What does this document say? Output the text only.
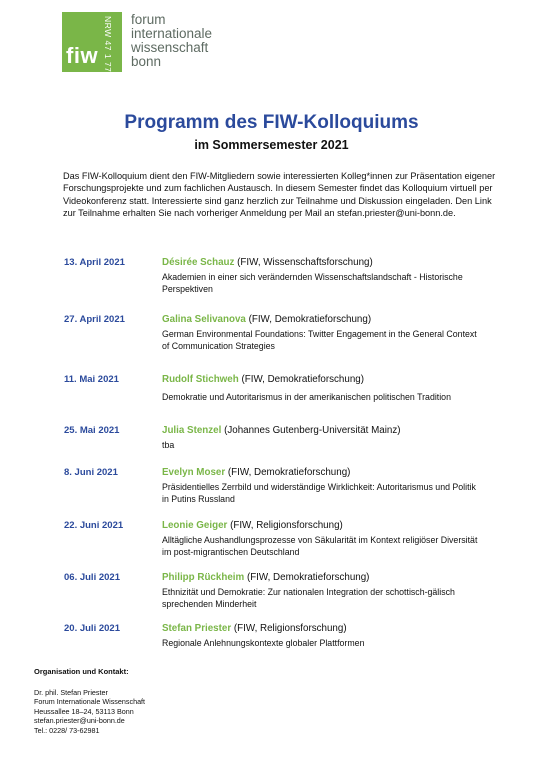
NRW 47 1 773
fiw
forum
internationale
wissenschaft
bonn
Programm des FIW-Kolloquiums
im Sommersemester 2021

Das FIW-Kolloquium dient den FIW-Mitgliedern sowie interessierten Kolleg*innen zur Präsentation eigener Forschungsprojekte und zum fachlichen Austausch. In diesem Semester findet das Kolloquium virtuell per Videokonferenz statt. Interessierte sind ganz herzlich zur Teilnahme und Diskussion eingeladen. Den Link zur Teilnahme erhalten Sie nach vorheriger Anmeldung per Mail an stefan.priester@uni-bonn.de.

13. April 2021	Désirée Schauz (FIW, Wissenschaftsforschung)
Akademien in einer sich verändernden Wissenschaftslandschaft - Historische Perspektiven
27. April 2021	Galina Selivanova (FIW, Demokratieforschung)
German Environmental Foundations: Twitter Engagement in the General Context of Communication Strategies
11. Mai 2021	Rudolf Stichweh (FIW, Demokratieforschung)
Demokratie und Autoritarismus in der amerikanischen politischen Tradition
25. Mai 2021	Julia Stenzel (Johannes Gutenberg-Universität Mainz)
tba
8. Juni 2021	Evelyn Moser (FIW, Demokratieforschung)
Präsidentielles Zerrbild und widerständige Wirklichkeit: Autoritarismus und Politik in Putins Russland
22. Juni 2021	Leonie Geiger (FIW, Religionsforschung)
Alltägliche Aushandlungsprozesse von Säkularität im Kontext religiöser Diversität im post-migrantischen Deutschland
06. Juli 2021	Philipp Rückheim (FIW, Demokratieforschung)
Ethnizität und Demokratie: Zur nationalen Integration der schottisch-gälisch sprechenden Minderheit
20. Juli 2021	Stefan Priester (FIW, Religionsforschung)
Regionale Anlehnungskontexte globaler Plattformen
Organisation und Kontakt:
Dr. phil. Stefan Priester
Forum Internationale Wissenschaft
Heussallee 18–24, 53113 Bonn
stefan.priester@uni-bonn.de
Tel.: 0228/ 73-62981
